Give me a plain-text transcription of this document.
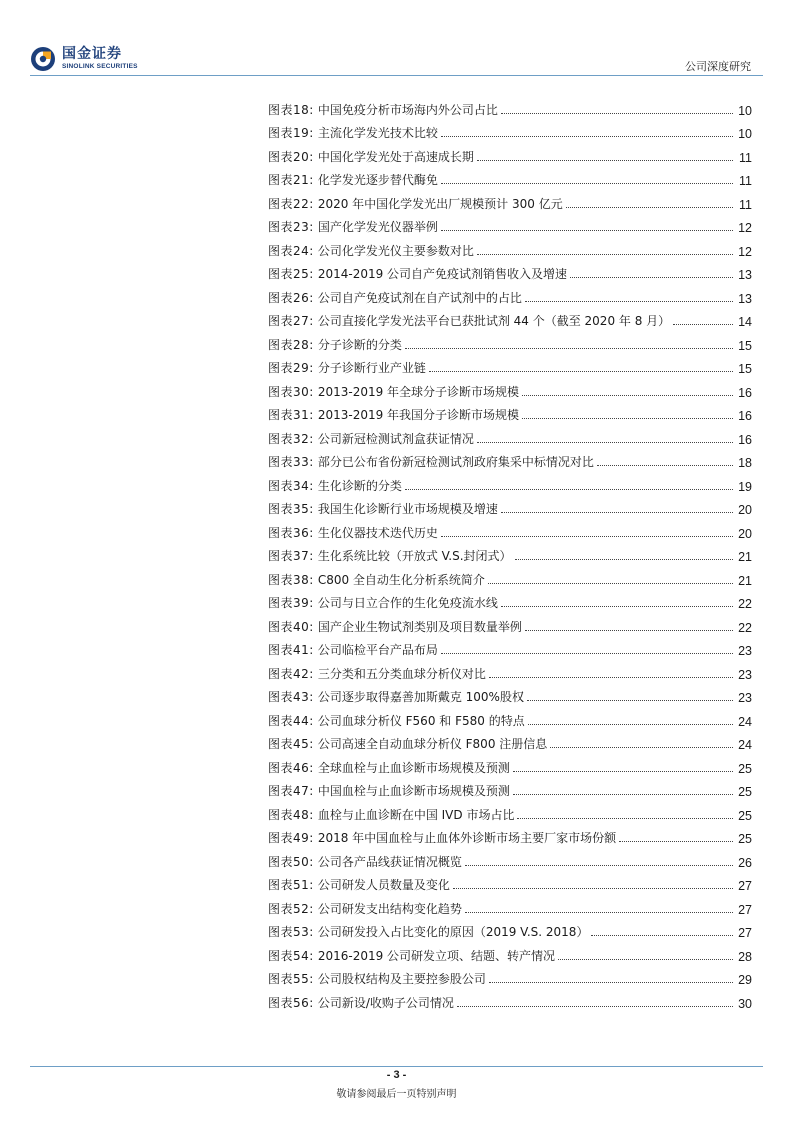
国金证券
SINOLINK SECURITIES	公司深度研究
图表18: 中国免疫分析市场海内外公司占比	10
图表19: 主流化学发光技术比较	10
图表20: 中国化学发光处于高速成长期	11
图表21: 化学发光逐步替代酶免	11
图表22: 2020 年中国化学发光出厂规模预计 300 亿元	11
图表23: 国产化学发光仪器举例	12
图表24: 公司化学发光仪主要参数对比	12
图表25: 2014-2019 公司自产免疫试剂销售收入及增速	13
图表26: 公司自产免疫试剂在自产试剂中的占比	13
图表27: 公司直接化学发光法平台已获批试剂 44 个（截至 2020 年 8 月）	14
图表28: 分子诊断的分类	15
图表29: 分子诊断行业产业链	15
图表30: 2013-2019 年全球分子诊断市场规模	16
图表31: 2013-2019 年我国分子诊断市场规模	16
图表32: 公司新冠检测试剂盒获证情况	16
图表33: 部分已公布省份新冠检测试剂政府集采中标情况对比	18
图表34: 生化诊断的分类	19
图表35: 我国生化诊断行业市场规模及增速	20
图表36: 生化仪器技术迭代历史	20
图表37: 生化系统比较（开放式 V.S.封闭式）	21
图表38: C800 全自动生化分析系统简介	21
图表39: 公司与日立合作的生化免疫流水线	22
图表40: 国产企业生物试剂类别及项目数量举例	22
图表41: 公司临检平台产品布局	23
图表42: 三分类和五分类血球分析仪对比	23
图表43: 公司逐步取得嘉善加斯戴克 100%股权	23
图表44: 公司血球分析仪 F560 和 F580 的特点	24
图表45: 公司高速全自动血球分析仪 F800 注册信息	24
图表46: 全球血栓与止血诊断市场规模及预测	25
图表47: 中国血栓与止血诊断市场规模及预测	25
图表48: 血栓与止血诊断在中国 IVD 市场占比	25
图表49: 2018 年中国血栓与止血体外诊断市场主要厂家市场份额	25
图表50: 公司各产品线获证情况概览	26
图表51: 公司研发人员数量及变化	27
图表52: 公司研发支出结构变化趋势	27
图表53: 公司研发投入占比变化的原因（2019 V.S. 2018）	27
图表54: 2016-2019 公司研发立项、结题、转产情况	28
图表55: 公司股权结构及主要控参股公司	29
图表56: 公司新设/收购子公司情况	30
- 3 -
敬请参阅最后一页特别声明
